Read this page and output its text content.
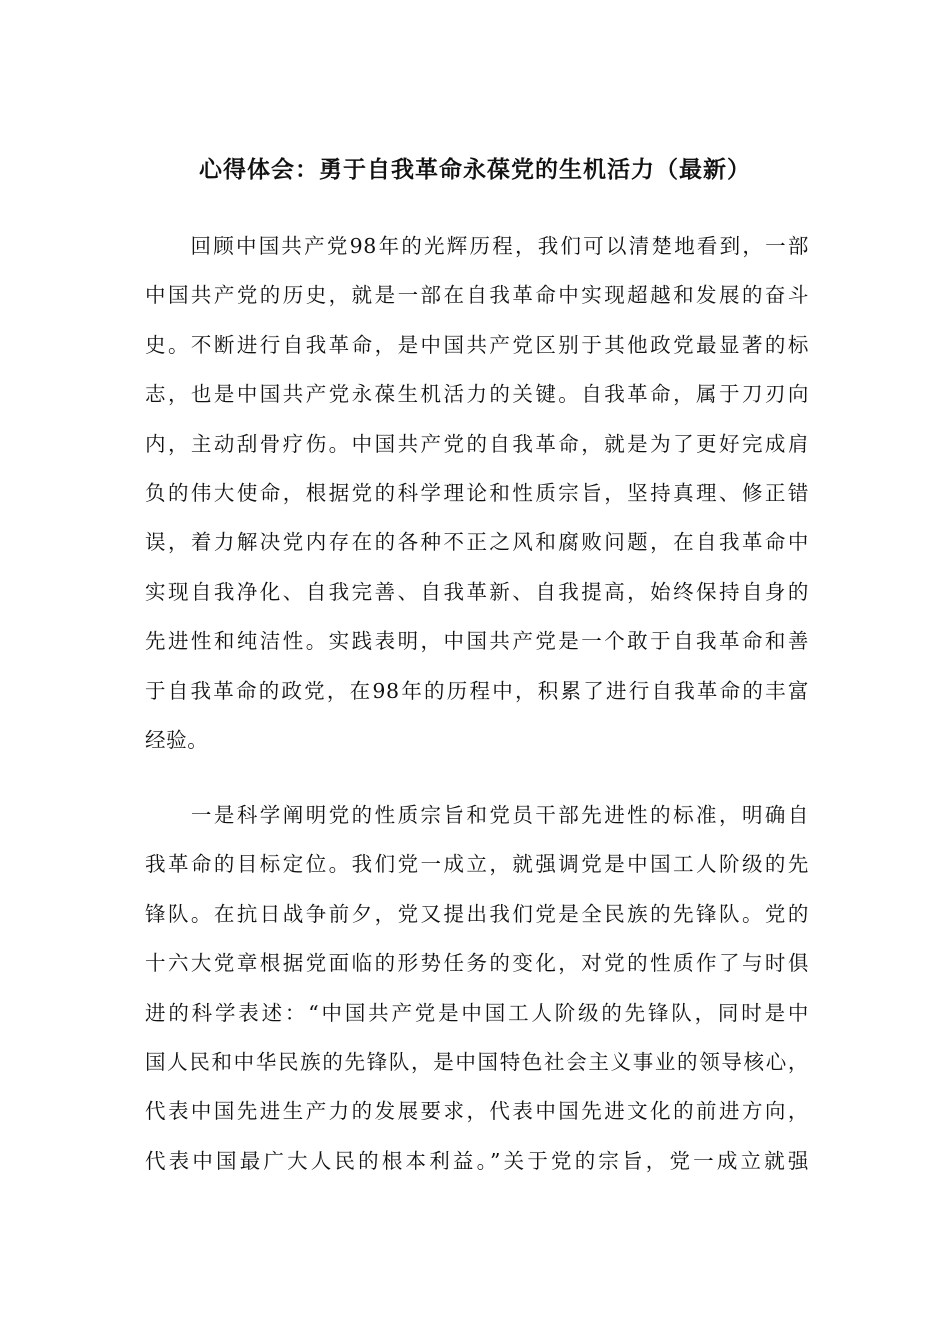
心得体会：勇于自我革命永葆党的生机活力（最新）
　　回顾中国共产党98年的光辉历程，我们可以清楚地看到，一部
中国共产党的历史，就是一部在自我革命中实现超越和发展的奋斗
史。不断进行自我革命，是中国共产党区别于其他政党最显著的标
志，也是中国共产党永葆生机活力的关键。自我革命，属于刀刃向
内，主动刮骨疗伤。中国共产党的自我革命，就是为了更好完成肩
负的伟大使命，根据党的科学理论和性质宗旨，坚持真理、修正错
误，着力解决党内存在的各种不正之风和腐败问题，在自我革命中
实现自我净化、自我完善、自我革新、自我提高，始终保持自身的
先进性和纯洁性。实践表明，中国共产党是一个敢于自我革命和善
于自我革命的政党，在98年的历程中，积累了进行自我革命的丰富
经验。
　　一是科学阐明党的性质宗旨和党员干部先进性的标准，明确自
我革命的目标定位。我们党一成立，就强调党是中国工人阶级的先
锋队。在抗日战争前夕，党又提出我们党是全民族的先锋队。党的
十六大党章根据党面临的形势任务的变化，对党的性质作了与时俱
进的科学表述：“中国共产党是中国工人阶级的先锋队，同时是中
国人民和中华民族的先锋队，是中国特色社会主义事业的领导核心，
代表中国先进生产力的发展要求，代表中国先进文化的前进方向，
代表中国最广大人民的根本利益。”关于党的宗旨，党一成立就强
